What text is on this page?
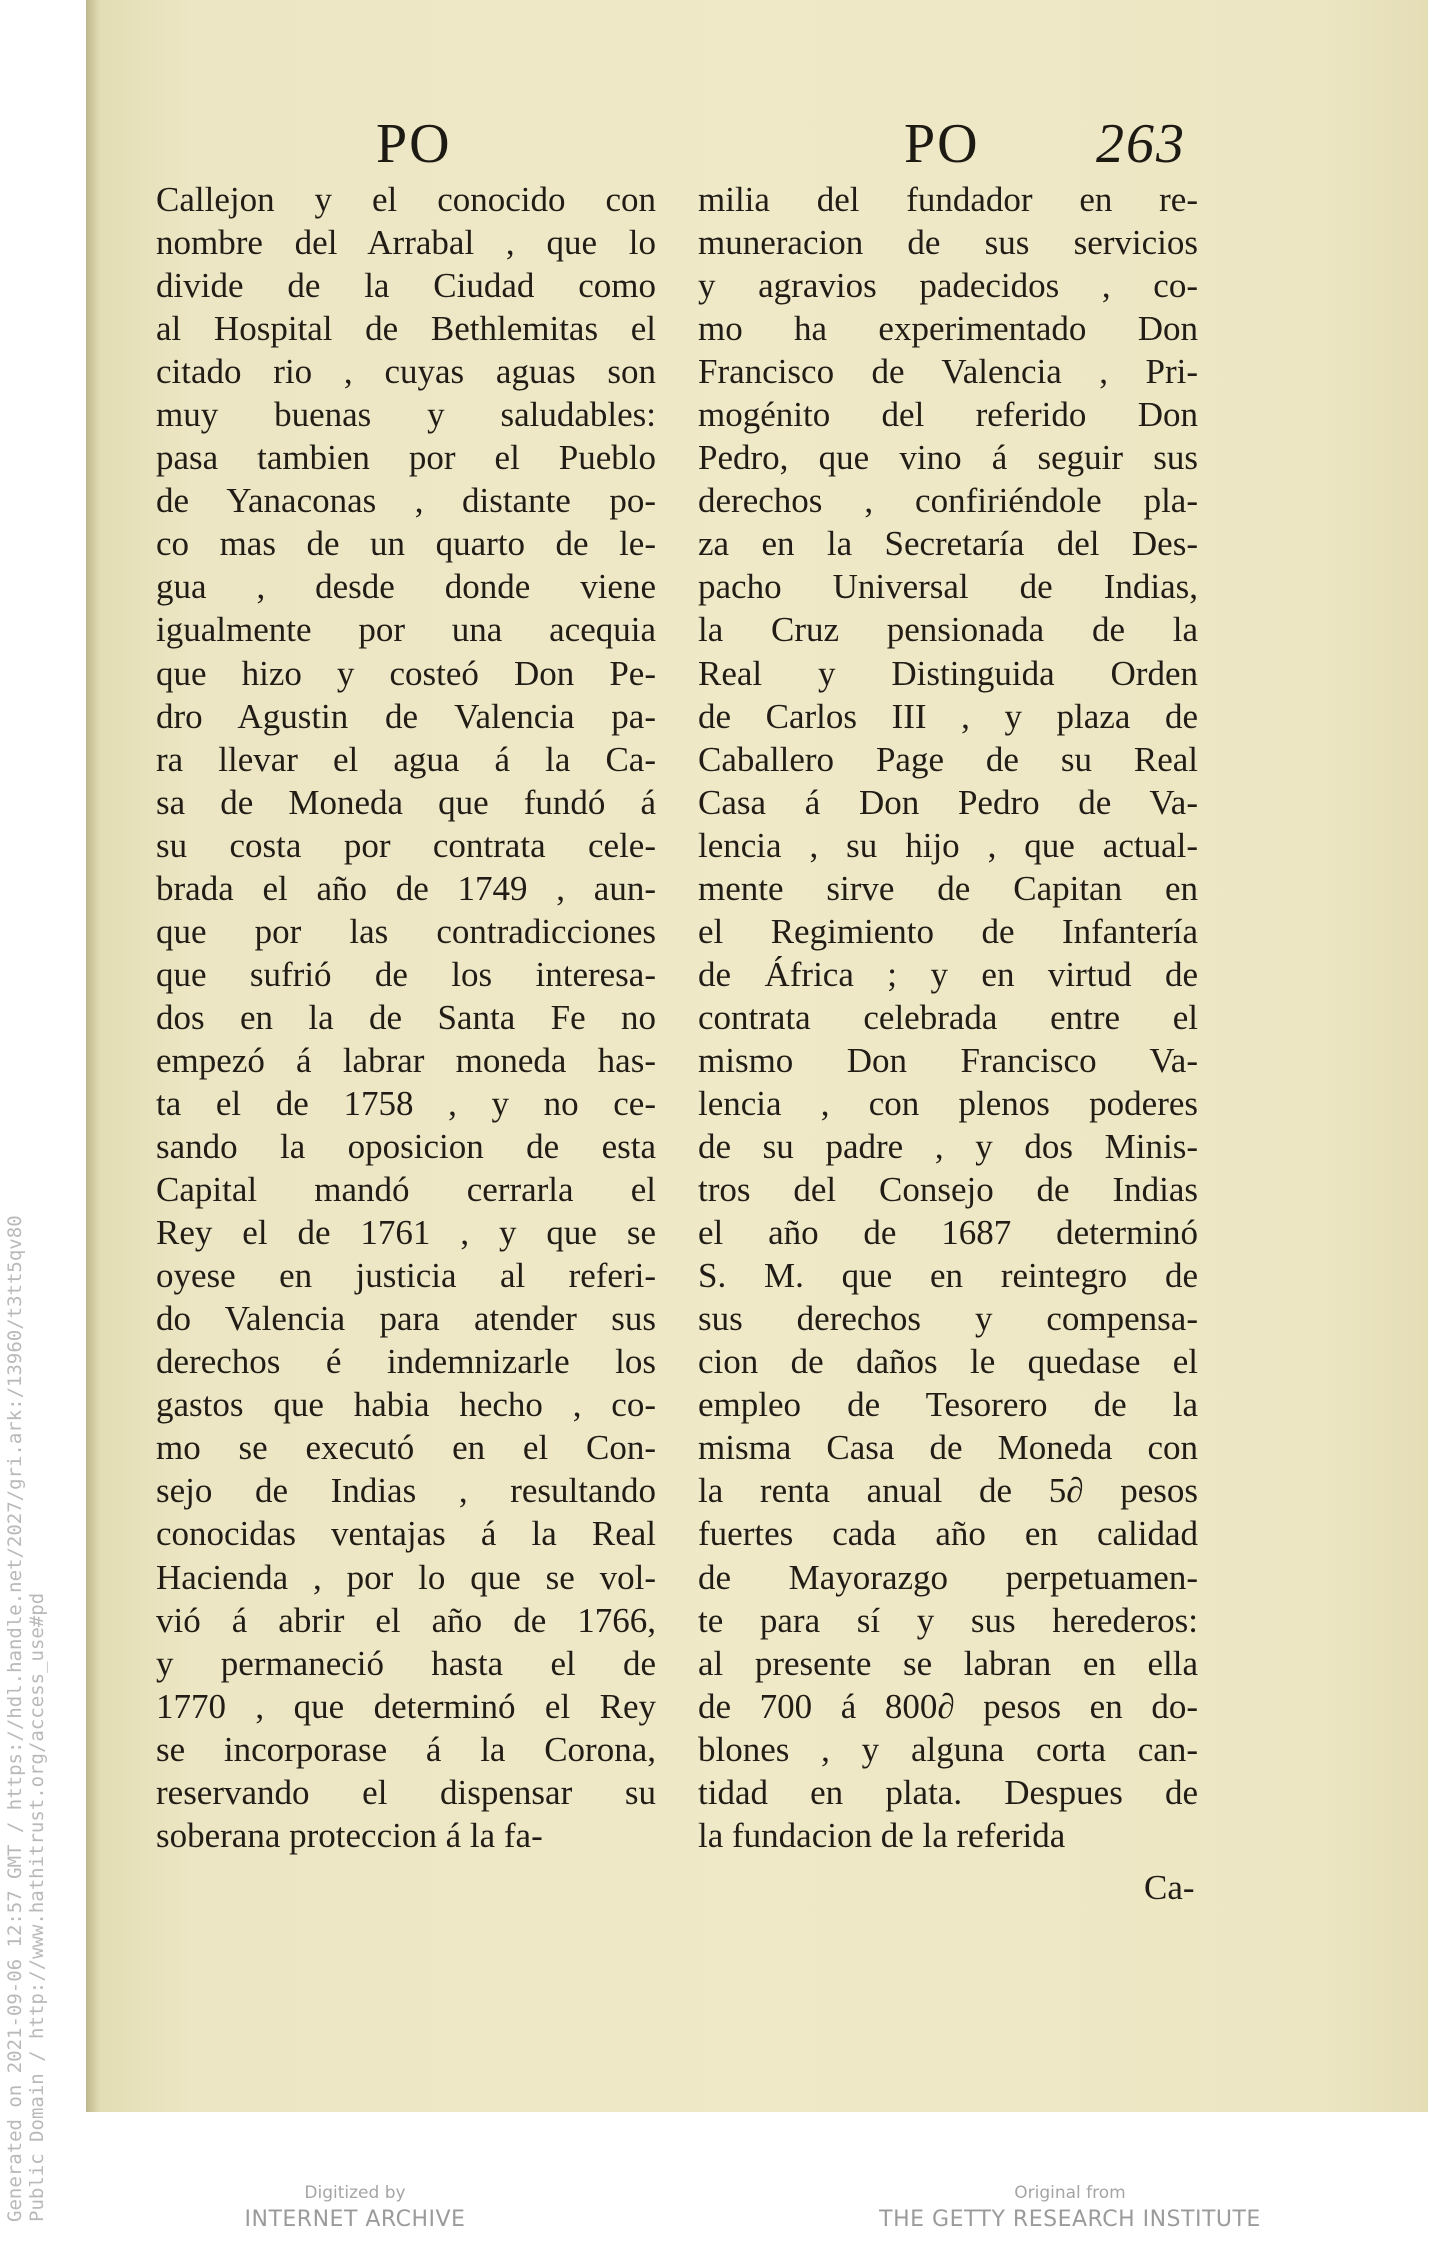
PO	PO 263
Callejon y el conocido con
nombre del Arrabal , que lo
divide de la Ciudad como
al Hospital de Bethlemitas el
citado rio , cuyas aguas son
muy buenas y saludables:
pasa tambien por el Pueblo
de Yanaconas , distante po-
co mas de un quarto de le-
gua , desde donde viene
igualmente por una acequia
que hizo y costeó Don Pe-
dro Agustin de Valencia pa-
ra llevar el agua á la Ca-
sa de Moneda que fundó á
su costa por contrata cele-
brada el año de 1749 , aun-
que por las contradicciones
que sufrió de los interesa-
dos en la de Santa Fe no
empezó á labrar moneda has-
ta el de 1758 , y no ce-
sando la oposicion de esta
Capital mandó cerrarla el
Rey el de 1761 , y que se
oyese en justicia al referi-
do Valencia para atender sus
derechos é indemnizarle los
gastos que habia hecho , co-
mo se executó en el Con-
sejo de Indias , resultando
conocidas ventajas á la Real
Hacienda , por lo que se vol-
vió á abrir el año de 1766,
y permaneció hasta el de
1770 , que determinó el Rey
se incorporase á la Corona,
reservando el dispensar su
soberana proteccion á la fa-
milia del fundador en re-
muneracion de sus servicios
y agravios padecidos , co-
mo ha experimentado Don
Francisco de Valencia , Pri-
mogénito del referido Don
Pedro, que vino á seguir sus
derechos , confiriéndole pla-
za en la Secretaría del Des-
pacho Universal de Indias,
la Cruz pensionada de la
Real y Distinguida Orden
de Carlos III , y plaza de
Caballero Page de su Real
Casa á Don Pedro de Va-
lencia , su hijo , que actual-
mente sirve de Capitan en
el Regimiento de Infantería
de África ; y en virtud de
contrata celebrada entre el
mismo Don Francisco Va-
lencia , con plenos poderes
de su padre , y dos Minis-
tros del Consejo de Indias
el año de 1687 determinó
S. M. que en reintegro de
sus derechos y compensa-
cion de daños le quedase el
empleo de Tesorero de la
misma Casa de Moneda con
la renta anual de 5∂ pesos
fuertes cada año en calidad
de Mayorazgo perpetuamen-
te para sí y sus herederos:
al presente se labran en ella
de 700 á 800∂ pesos en do-
blones , y alguna corta can-
tidad en plata. Despues de
la fundacion de la referida
Ca-
Generated on 2021-09-06 12:57 GMT / https://hdl.handle.net/2027/gri.ark:/13960/t3tt5qv80 Public Domain / http://www.hathitrust.org/access_use#pd	Digitized by
INTERNET ARCHIVE
Original from
THE GETTY RESEARCH INSTITUTE
